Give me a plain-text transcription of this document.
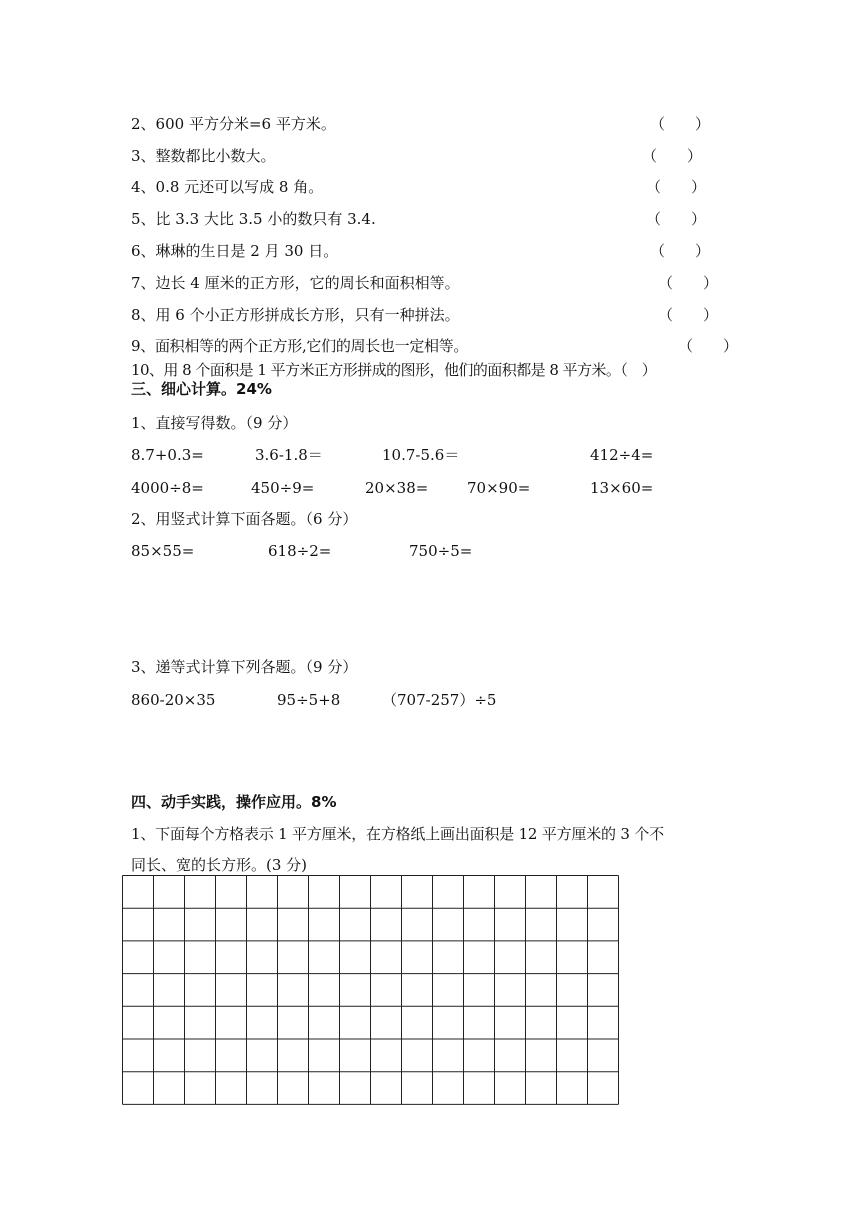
2、600 平方分米=6 平方米。	（　　）
3、整数都比小数大。	（　　）
4、0.8 元还可以写成 8 角。	（　　）
5、比 3.3 大比 3.5 小的数只有 3.4.	（　　）
6、琳琳的生日是 2 月 30 日。	（　　）
7、边长 4 厘米的正方形，它的周长和面积相等。	（　　）
8、用 6 个小正方形拼成长方形，只有一种拼法。	（　　）
9、面积相等的两个正方形,它们的周长也一定相等。	（　　）
10、用 8 个面积是 1 平方米正方形拼成的图形，他们的面积都是 8 平方米。（　）
三、细心计算。24%
1、直接写得数。（9 分）
8.7+0.3=	3.6-1.8＝	10.7-5.6＝	412÷4=
4000÷8=	450÷9=	20×38=	70×90=	13×60=
2、用竖式计算下面各题。（6 分）
85×55=	618÷2=	750÷5=
3、递等式计算下列各题。（9 分）
860-20×35	95÷5+8	（707-257）÷5
四、动手实践，操作应用。8%
1、下面每个方格表示 1 平方厘米，在方格纸上画出面积是 12 平方厘米的 3 个不
同长、宽的长方形。(3 分)
